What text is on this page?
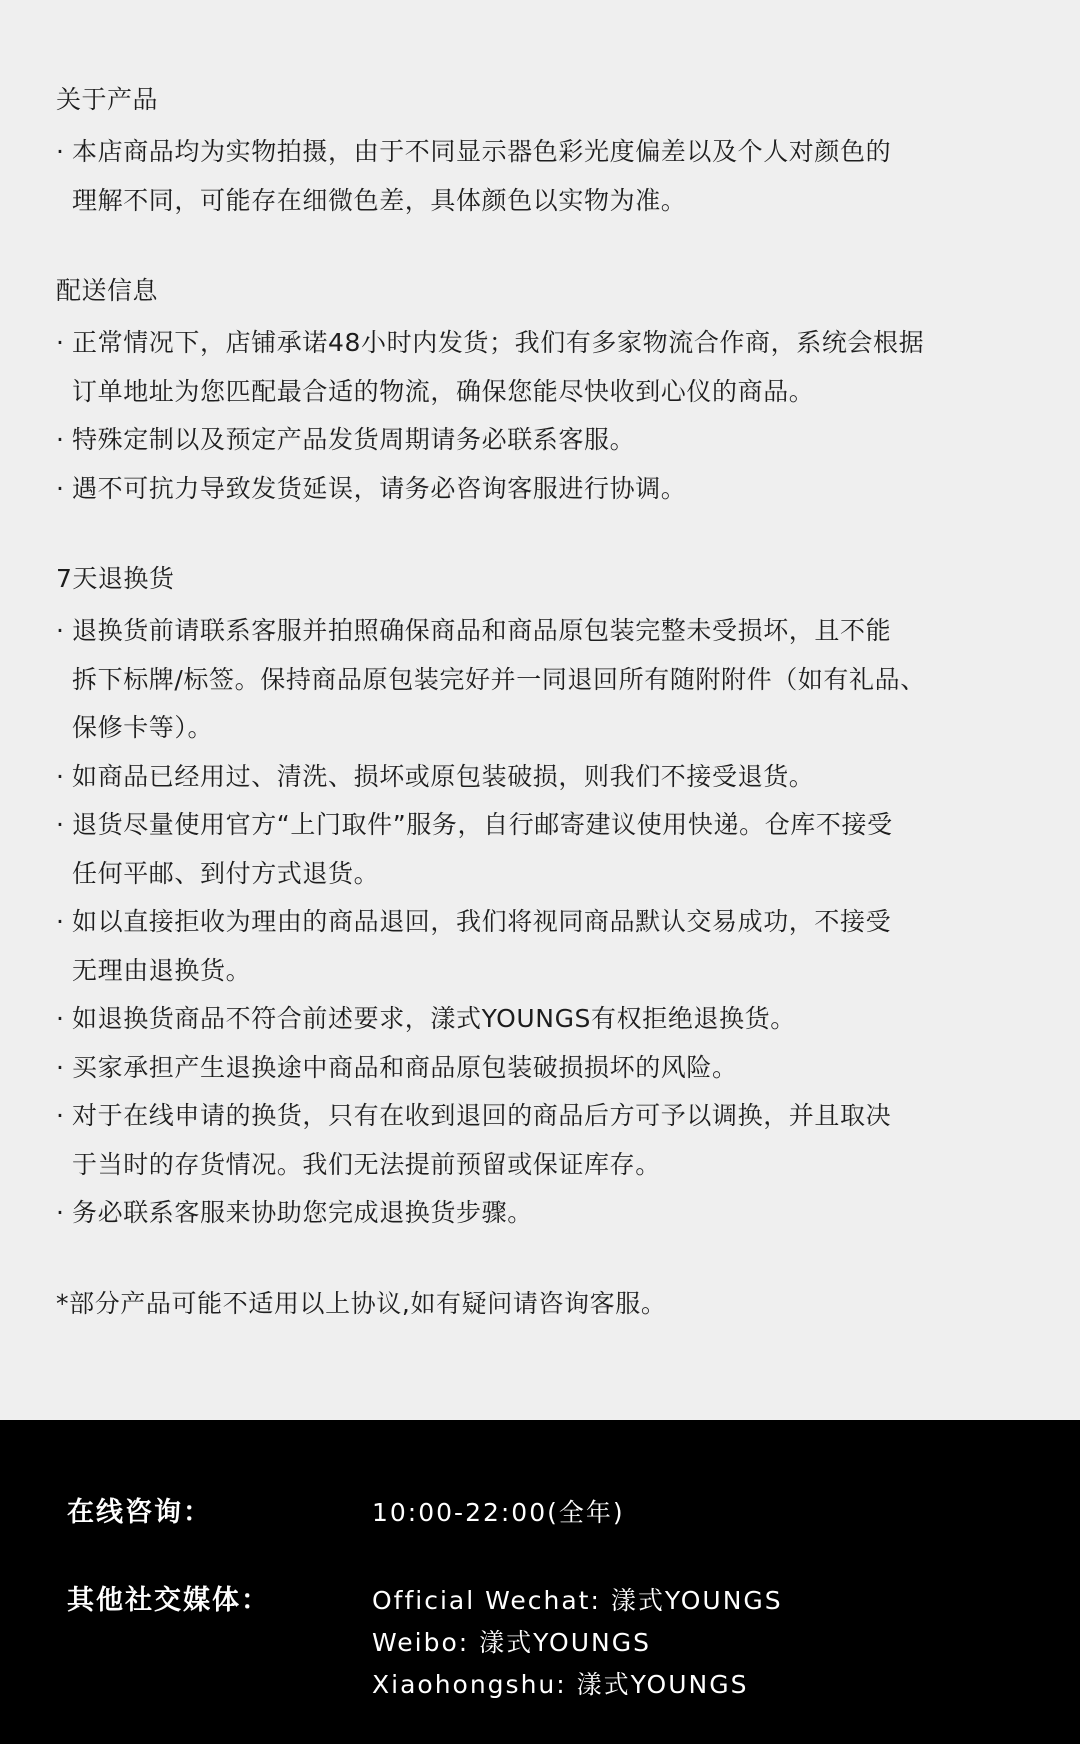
关于产品
· 本店商品均为实物拍摄，由于不同显示器色彩光度偏差以及个人对颜色的
理解不同，可能存在细微色差，具体颜色以实物为准。
配送信息
· 正常情况下，店铺承诺48小时内发货；我们有多家物流合作商，系统会根据
订单地址为您匹配最合适的物流，确保您能尽快收到心仪的商品。
· 特殊定制以及预定产品发货周期请务必联系客服。
· 遇不可抗力导致发货延误，请务必咨询客服进行协调。
7天退换货
· 退换货前请联系客服并拍照确保商品和商品原包装完整未受损坏，且不能
拆下标牌/标签。保持商品原包装完好并一同退回所有随附附件（如有礼品、
保修卡等）。
· 如商品已经用过、清洗、损坏或原包装破损，则我们不接受退货。
· 退货尽量使用官方“上门取件”服务，自行邮寄建议使用快递。仓库不接受
任何平邮、到付方式退货。
· 如以直接拒收为理由的商品退回，我们将视同商品默认交易成功，不接受
无理由退换货。
· 如退换货商品不符合前述要求，漾式YOUNGS有权拒绝退换货。
· 买家承担产生退换途中商品和商品原包装破损损坏的风险。
· 对于在线申请的换货，只有在收到退回的商品后方可予以调换，并且取决
于当时的存货情况。我们无法提前预留或保证库存。
· 务必联系客服来协助您完成退换货步骤。
*部分产品可能不适用以上协议,如有疑问请咨询客服。
在线咨询：	10:00-22:00(全年)
其他社交媒体：	Official Wechat: 漾式YOUNGS
Weibo: 漾式YOUNGS
Xiaohongshu: 漾式YOUNGS
